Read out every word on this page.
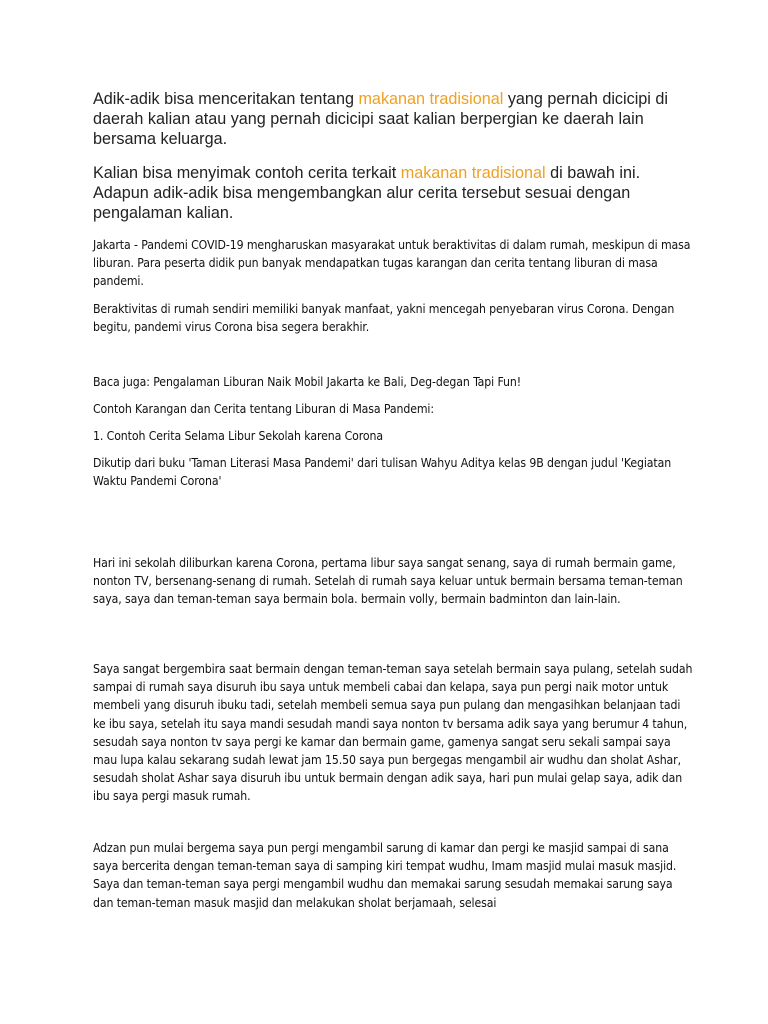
Adik-adik bisa menceritakan tentang makanan tradisional yang pernah dicicipi di daerah kalian atau yang pernah dicicipi saat kalian berpergian ke daerah lain bersama keluarga.

Kalian bisa menyimak contoh cerita terkait makanan tradisional di bawah ini. Adapun adik-adik bisa mengembangkan alur cerita tersebut sesuai dengan pengalaman kalian.

Jakarta - Pandemi COVID-19 mengharuskan masyarakat untuk beraktivitas di dalam rumah, meskipun di masa liburan. Para peserta didik pun banyak mendapatkan tugas karangan dan cerita tentang liburan di masa pandemi.

Beraktivitas di rumah sendiri memiliki banyak manfaat, yakni mencegah penyebaran virus Corona. Dengan begitu, pandemi virus Corona bisa segera berakhir.

Baca juga: Pengalaman Liburan Naik Mobil Jakarta ke Bali, Deg-degan Tapi Fun!

Contoh Karangan dan Cerita tentang Liburan di Masa Pandemi:

1. Contoh Cerita Selama Libur Sekolah karena Corona

Dikutip dari buku 'Taman Literasi Masa Pandemi' dari tulisan Wahyu Aditya kelas 9B dengan judul 'Kegiatan Waktu Pandemi Corona'

Hari ini sekolah diliburkan karena Corona, pertama libur saya sangat senang, saya di rumah bermain game, nonton TV, bersenang-senang di rumah. Setelah di rumah saya keluar untuk bermain bersama teman-teman saya, saya dan teman-teman saya bermain bola. bermain volly, bermain badminton dan lain-lain.

Saya sangat bergembira saat bermain dengan teman-teman saya setelah bermain saya pulang, setelah sudah sampai di rumah saya disuruh ibu saya untuk membeli cabai dan kelapa, saya pun pergi naik motor untuk membeli yang disuruh ibuku tadi, setelah membeli semua saya pun pulang dan mengasihkan belanjaan tadi ke ibu saya, setelah itu saya mandi sesudah mandi saya nonton tv bersama adik saya yang berumur 4 tahun, sesudah saya nonton tv saya pergi ke kamar dan bermain game, gamenya sangat seru sekali sampai saya mau lupa kalau sekarang sudah lewat jam 15.50 saya pun bergegas mengambil air wudhu dan sholat Ashar, sesudah sholat Ashar saya disuruh ibu untuk bermain dengan adik saya, hari pun mulai gelap saya, adik dan ibu saya pergi masuk rumah.

Adzan pun mulai bergema saya pun pergi mengambil sarung di kamar dan pergi ke masjid sampai di sana saya bercerita dengan teman-teman saya di samping kiri tempat wudhu, Imam masjid mulai masuk masjid. Saya dan teman-teman saya pergi mengambil wudhu dan memakai sarung sesudah memakai sarung saya dan teman-teman masuk masjid dan melakukan sholat berjamaah, selesai
